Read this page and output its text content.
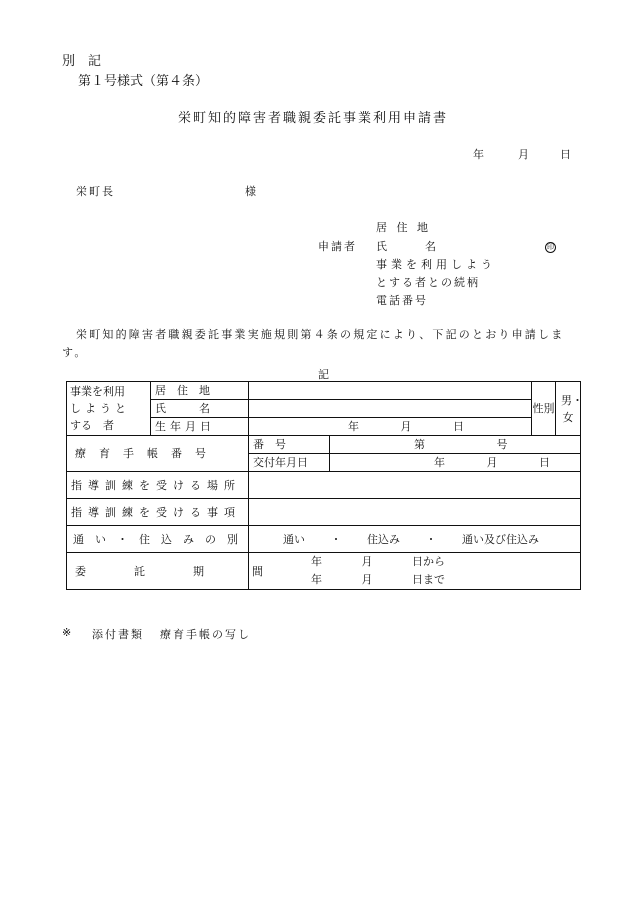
別　記
第１号様式（第４条）
栄町知的障害者職親委託事業利用申請書
年	月	日
栄町長	様
居 住 地
申請者 氏	名	印
事業を利用しよう
とする者との続柄
電話番号
栄町知的障害者職親委託事業実施規則第４条の規定により、下記のとおり申請します。
記
事業を利用
しようと
する　者	居　住　地			性別	男・女
	氏　　　名				
	生年月日	年 月 日			
療育手帳番号		番　号	第 号		
		交付年月日	年 月 日		
指導訓練を受ける場所					
指導訓練を受ける事項					
通い・住込みの別		通い ・ 住込み ・ 通い及び住込み			

委託期間		年 月 日から
年 月 日まで			
※ 添付書類 療育手帳の写し
